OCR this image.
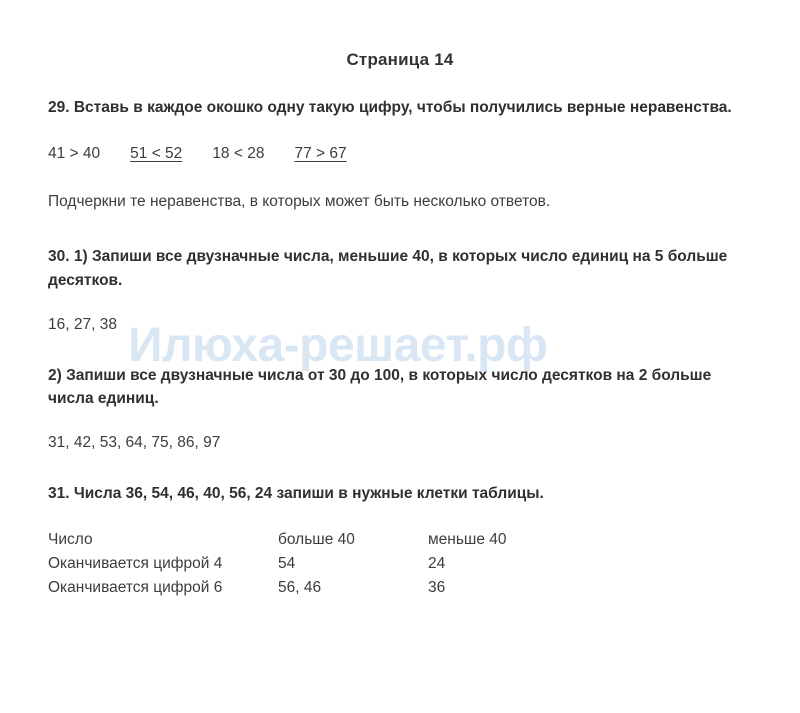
Страница 14
29. Вставь в каждое окошко одну такую цифру, чтобы получились верные неравенства.
41 > 40 51 < 52 18 < 28 77 > 67
Подчеркни те неравенства, в которых может быть несколько ответов.
30. 1) Запиши все двузначные числа, меньшие 40, в которых число единиц на 5 больше десятков.
16, 27, 38
2) Запиши все двузначные числа от 30 до 100, в которых число десятков на 2 больше числа единиц.
31, 42, 53, 64, 75, 86, 97
31. Числа 36, 54, 46, 40, 56, 24 запиши в нужные клетки таблицы.
Число	больше 40	меньше 40
Оканчивается цифрой 4	54	24
Оканчивается цифрой 6	56, 46	36
Илюха-решает.рф
